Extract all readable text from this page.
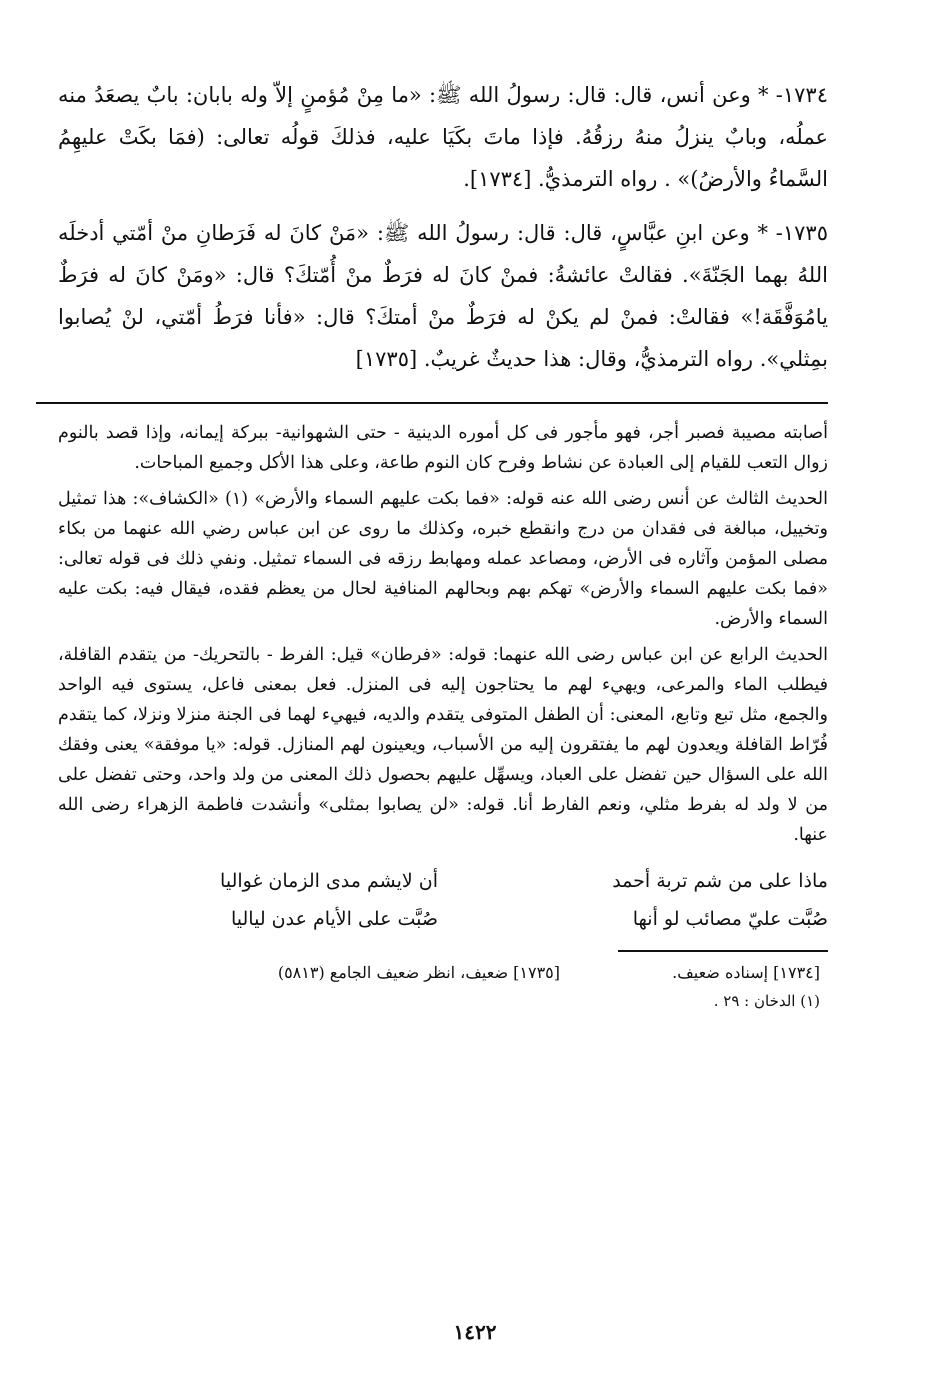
١٧٣٤- * وعن أنس، قال: قال: رسولُ الله ﷺ: «ما مِنْ مُؤمنٍ إلاّ وله بابان: بابٌ يصعَدُ منه عملُه، وبابٌ ينزلُ منهُ رزقُهُ. فإذا ماتَ بكَيَا عليه، فذلكَ قولُه تعالى: (فمَا بكَتْ عليهِمُ السَّماءُ والأرضُ)» . رواه الترمذيُّ. [١٧٣٤].

١٧٣٥- * وعن ابنِ عبَّاسٍ، قال: قال: رسولُ الله ﷺ: «مَنْ كانَ له فَرَطانِ منْ أمّتي أدخلَه اللهُ بهما الجَنّةَ». فقالتْ عائشةُ: فمنْ كانَ له فرَطٌ منْ أُمّتكَ؟ قال: «ومَنْ كانَ له فرَطٌ يامُوَفَّقَة!» فقالتْ: فمنْ لم يكنْ له فرَطٌ منْ أمتكَ؟ قال: «فأنا فرَطُ أمّتي، لنْ يُصابوا بمِثلي». رواه الترمذيُّ، وقال: هذا حديثٌ غريبٌ. [١٧٣٥]

أصابته مصيبة فصبر أجر، فهو مأجور فى كل أموره الدينية - حتى الشهوانية- ببركة إيمانه، وإذا قصد بالنوم زوال التعب للقيام إلى العبادة عن نشاط وفرح كان النوم طاعة، وعلى هذا الأكل وجميع المباحات.

الحديث الثالث عن أنس رضى الله عنه قوله: «فما بكت عليهم السماء والأرض» (١) «الكشاف»: هذا تمثيل وتخييل، مبالغة فى فقدان من درج وانقطع خبره، وكذلك ما روى عن ابن عباس رضي الله عنهما من بكاء مصلى المؤمن وآثاره فى الأرض، ومصاعد عمله ومهابط رزقه فى السماء تمثيل. ونفي ذلك فى قوله تعالى: «فما بكت عليهم السماء والأرض» تهكم بهم وبحالهم المنافية لحال من يعظم فقده، فيقال فيه: بكت عليه السماء والأرض.

الحديث الرابع عن ابن عباس رضى الله عنهما: قوله: «فرطان» قيل: الفرط - بالتحريك- من يتقدم القافلة، فيطلب الماء والمرعى، ويهيء لهم ما يحتاجون إليه فى المنزل. فعل بمعنى فاعل، يستوى فيه الواحد والجمع، مثل تبع وتابع، المعنى: أن الطفل المتوفى يتقدم والديه، فيهيء لهما فى الجنة منزلا ونزلا، كما يتقدم فُرّاط القافلة ويعدون لهم ما يفتقرون إليه من الأسباب، ويعينون لهم المنازل. قوله: «يا موفقة» يعنى وفقك الله على السؤال حين تفضل على العباد، ويسهِّل عليهم بحصول ذلك المعنى من ولد واحد، وحتى تفضل على من لا ولد له بفرط مثلي، ونعم الفارط أنا. قوله: «لن يصابوا بمثلى» وأنشدت فاطمة الزهراء رضى الله عنها.

ماذا على من شم تربة أحمد
أن لايشم مدى الزمان غواليا
صُبَّت عليّ مصائب لو أنها
صُبَّت على الأيام عدن لياليا
[١٧٣٤] إسناده ضعيف.
[١٧٣٥] ضعيف، انظر ضعيف الجامع (٥٨١٣)
(١) الدخان : ٢٩ .
١٤٢٢
